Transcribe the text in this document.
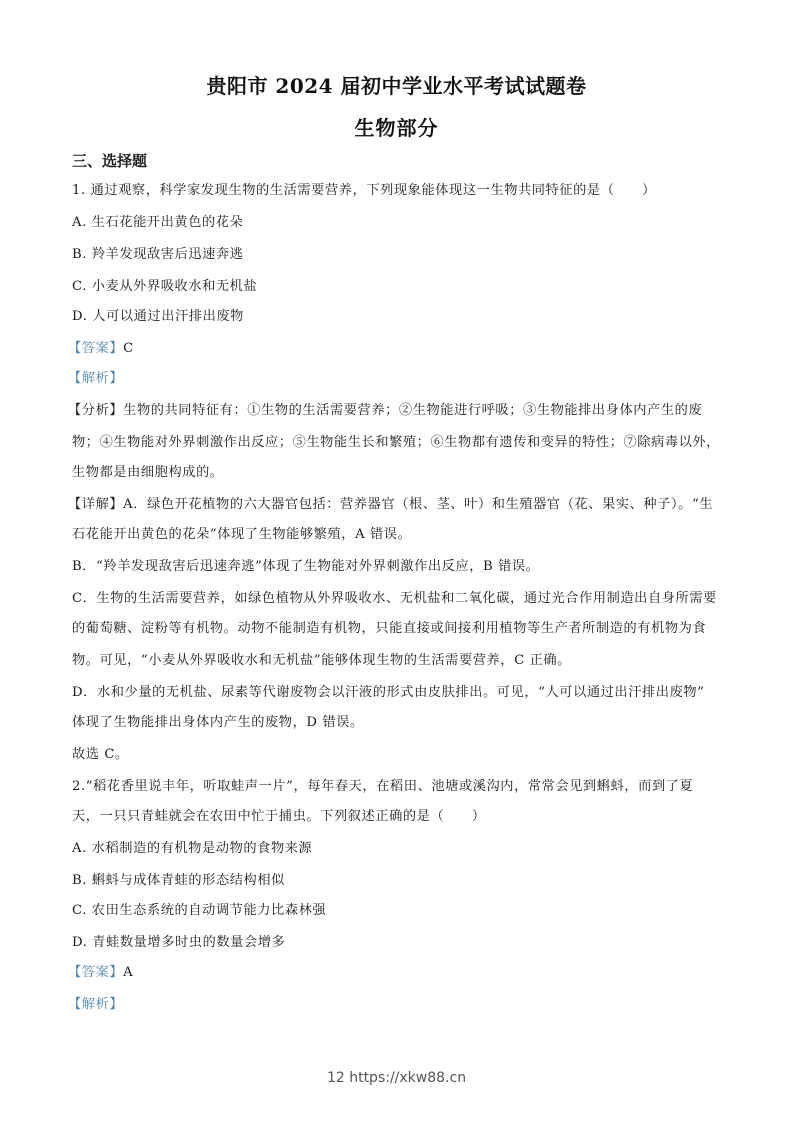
贵阳市 2024 届初中学业水平考试试题卷
生物部分
三、选择题
1. 通过观察，科学家发现生物的生活需要营养，下列现象能体现这一生物共同特征的是（　　）
A. 生石花能开出黄色的花朵
B. 羚羊发现敌害后迅速奔逃
C. 小麦从外界吸收水和无机盐
D. 人可以通过出汗排出废物
【答案】C
【解析】
【分析】生物的共同特征有：①生物的生活需要营养；②生物能进行呼吸；③生物能排出身体内产生的废
物；④生物能对外界刺激作出反应；⑤生物能生长和繁殖；⑥生物都有遗传和变异的特性；⑦除病毒以外，
生物都是由细胞构成的。
【详解】A．绿色开花植物的六大器官包括：营养器官（根、茎、叶）和生殖器官（花、果实、种子）。“生
石花能开出黄色的花朵”体现了生物能够繁殖，A 错误。
B．“羚羊发现敌害后迅速奔逃”体现了生物能对外界刺激作出反应，B 错误。
C．生物的生活需要营养，如绿色植物从外界吸收水、无机盐和二氧化碳，通过光合作用制造出自身所需要
的葡萄糖、淀粉等有机物。动物不能制造有机物，只能直接或间接利用植物等生产者所制造的有机物为食
物。可见，“小麦从外界吸收水和无机盐”能够体现生物的生活需要营养，C 正确。
D．水和少量的无机盐、尿素等代谢废物会以汗液的形式由皮肤排出。可见，“人可以通过出汗排出废物”
体现了生物能排出身体内产生的废物，D 错误。
故选 C。
2.“稻花香里说丰年，听取蛙声一片”，每年春天，在稻田、池塘或溪沟内，常常会见到蝌蚪，而到了夏
天，一只只青蛙就会在农田中忙于捕虫。下列叙述正确的是（　　）
A. 水稻制造的有机物是动物的食物来源
B. 蝌蚪与成体青蛙的形态结构相似
C. 农田生态系统的自动调节能力比森林强
D. 青蛙数量增多时虫的数量会增多
【答案】A
【解析】
12 https://xkw88.cn
